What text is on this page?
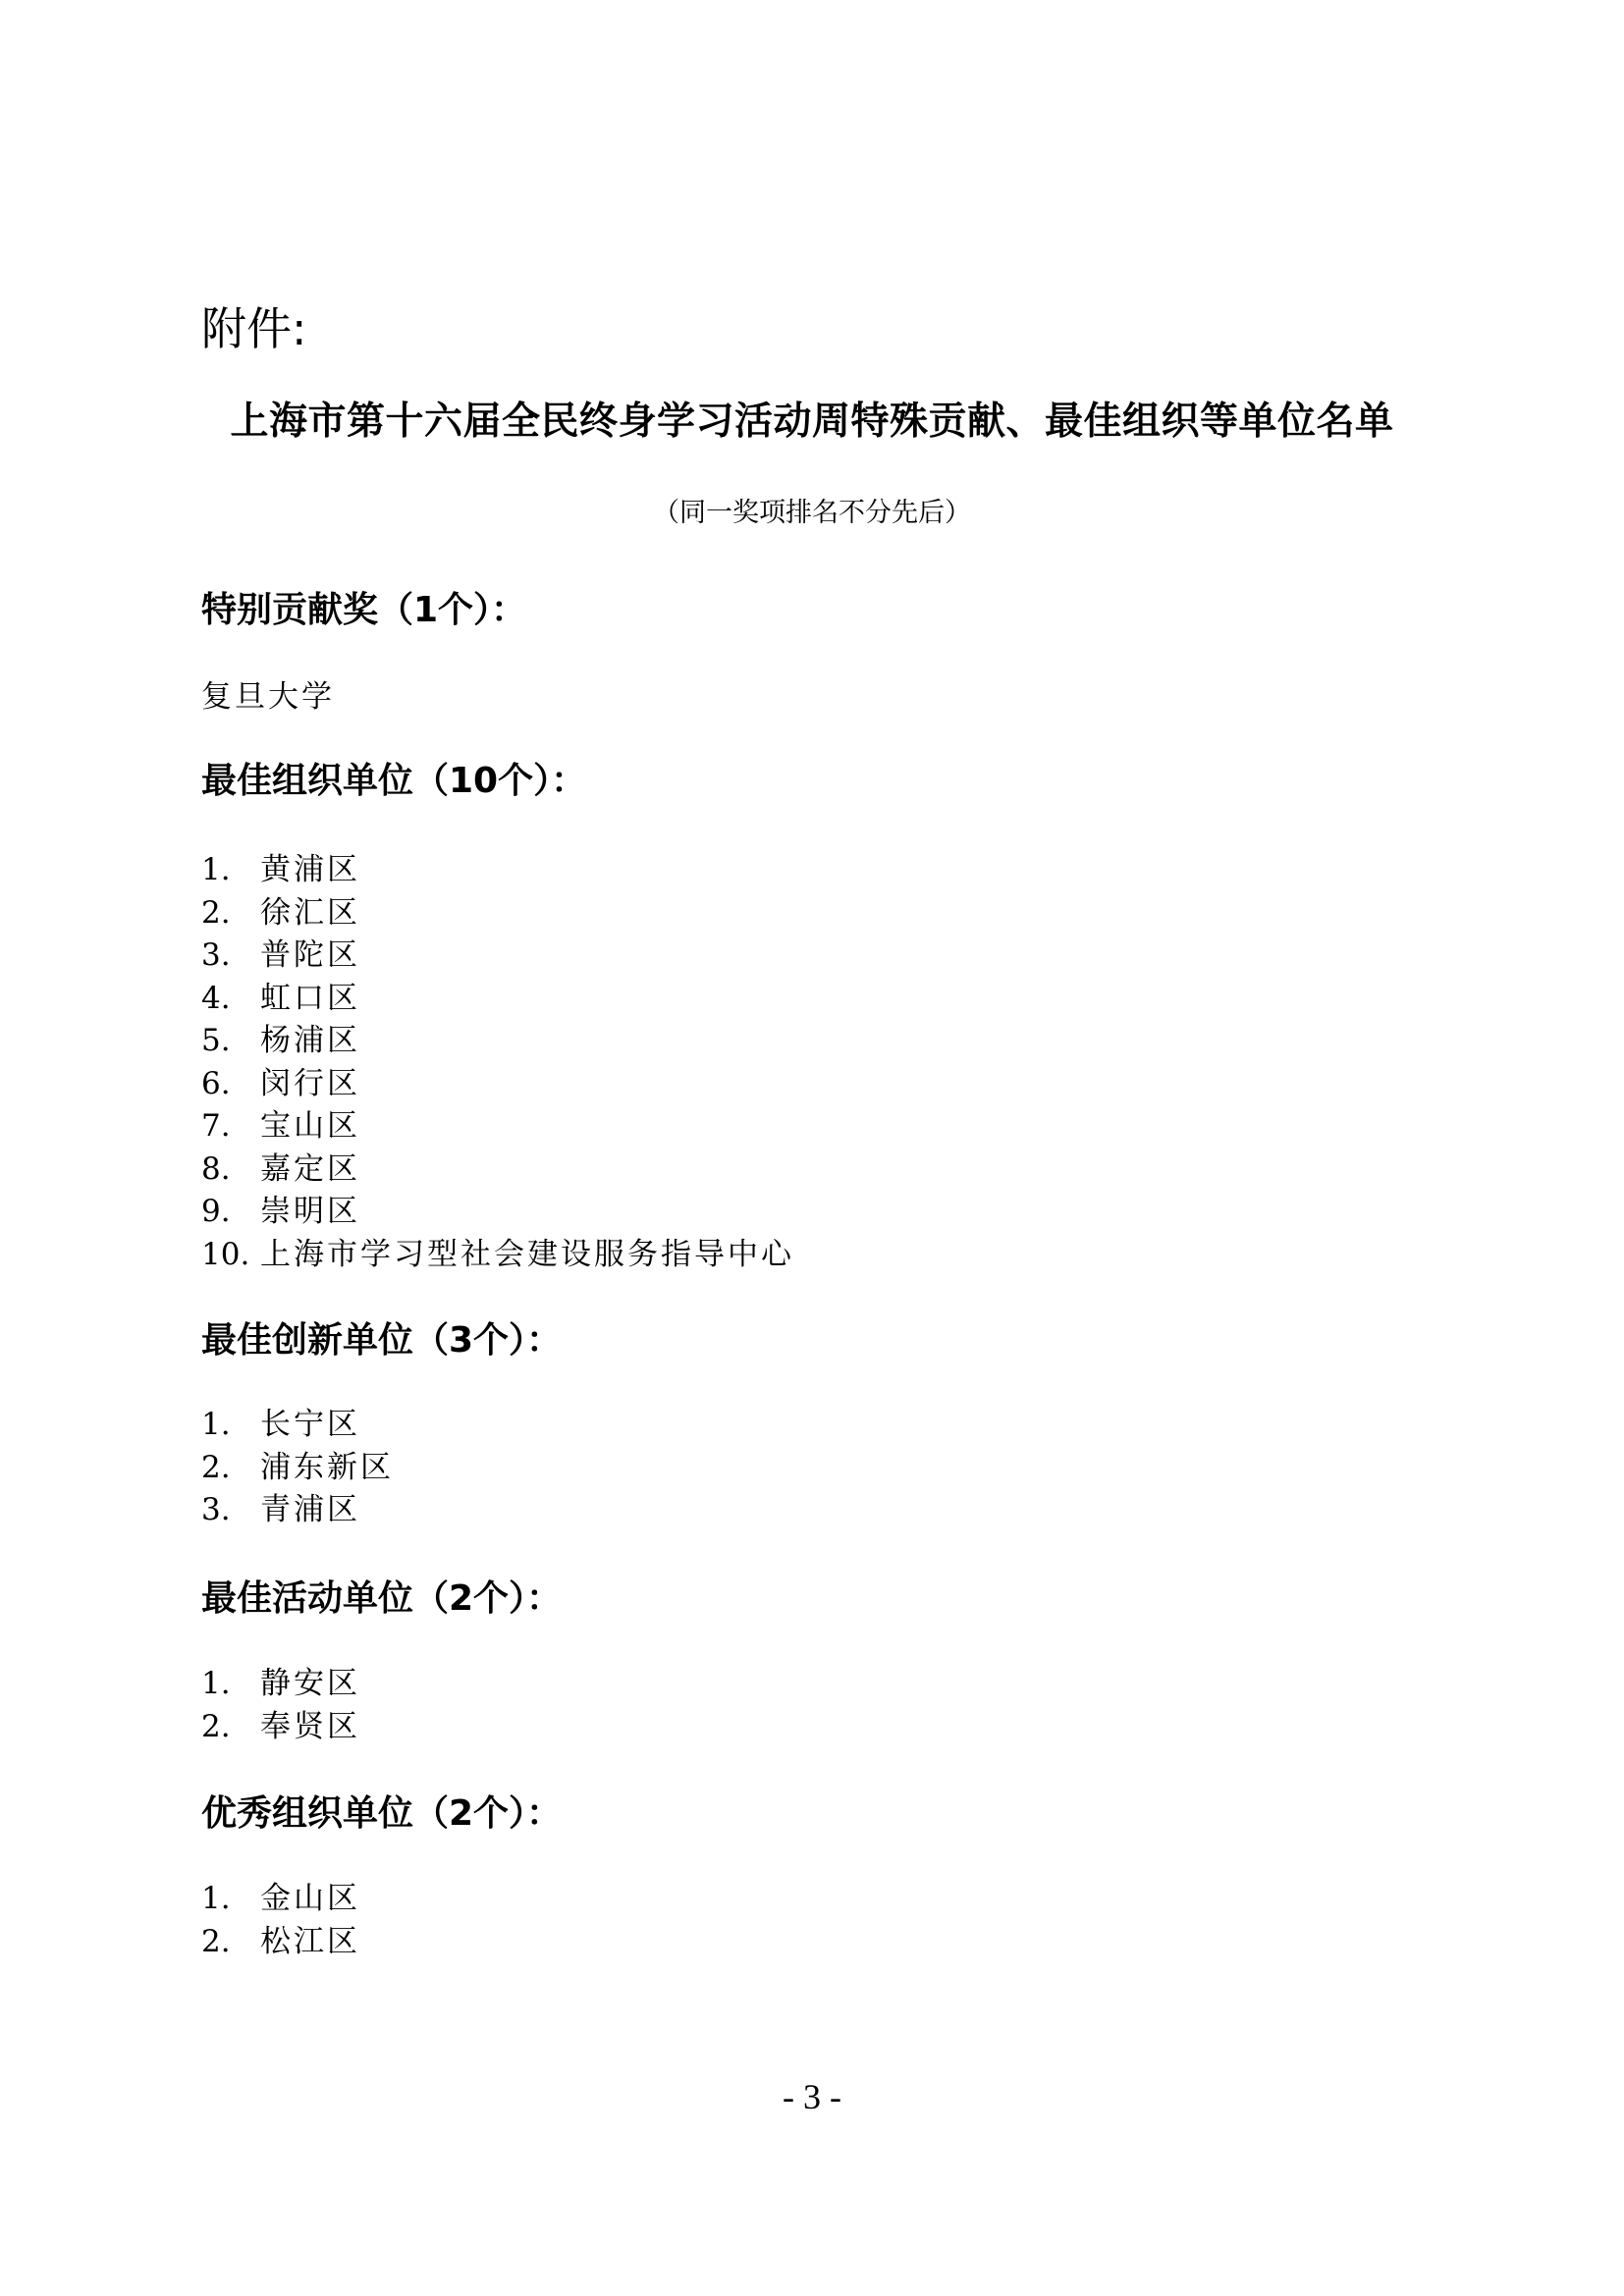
附件:
上海市第十六届全民终身学习活动周特殊贡献、最佳组织等单位名单
（同一奖项排名不分先后）
特别贡献奖（1个）：
复旦大学
最佳组织单位（10个）：
1. 黄浦区
2. 徐汇区
3. 普陀区
4. 虹口区
5. 杨浦区
6. 闵行区
7. 宝山区
8. 嘉定区
9. 崇明区
10. 上海市学习型社会建设服务指导中心
最佳创新单位（3个）：
1. 长宁区
2. 浦东新区
3. 青浦区
最佳活动单位（2个）：
1. 静安区
2. 奉贤区
优秀组织单位（2个）：
1. 金山区
2. 松江区
- 3 -
